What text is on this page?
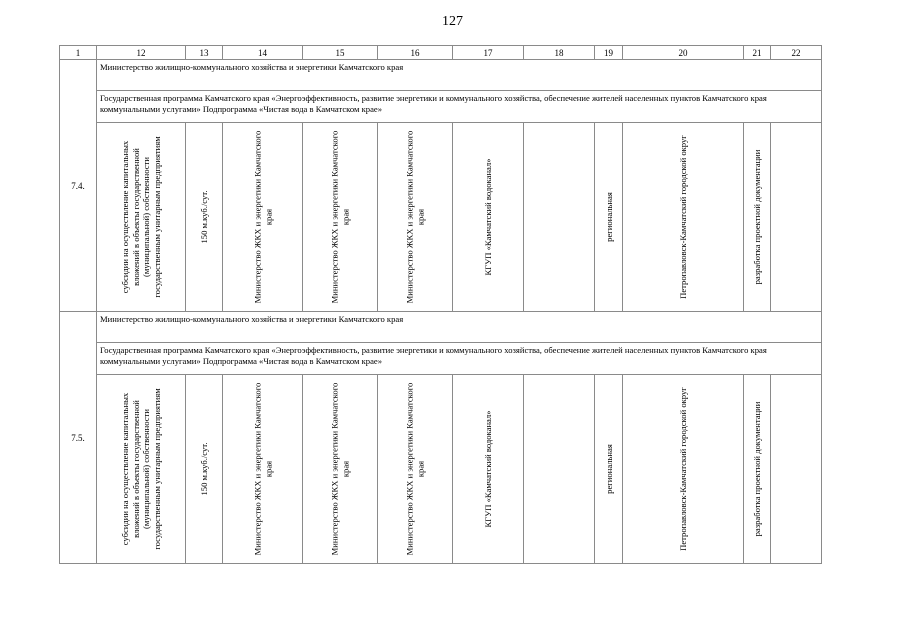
127
1	12	13	14	15	16	17	18	19	20	21	22
7.4.	Министерство жилищно-коммунального хозяйства и энергетики Камчатского края										
	Государственная программа Камчатского края «Энергоэффективность, развитие энергетики и коммунального хозяйства, обеспечение жителей населенных пунктов Камчатского края коммунальными услугами» Подпрограмма «Чистая вода в Камчатском крае»										

	субсидии на осуществление капитальных вложений в объекты государственной (муниципальной) собственности государственным унитарным предприятиям	150 м.куб./сут.	Министерство ЖКХ и энергетики Камчатского края	Министерство ЖКХ и энергетики Камчатского края	Министерство ЖКХ и энергетики Камчатского края	КГУП «Камчатский водоканал»		региональная	Петропавловск-Камчатский городской округ	разработка проектной документации	

7.5.	Министерство жилищно-коммунального хозяйства и энергетики Камчатского края										
	Государственная программа Камчатского края «Энергоэффективность, развитие энергетики и коммунального хозяйства, обеспечение жителей населенных пунктов Камчатского края коммунальными услугами» Подпрограмма «Чистая вода в Камчатском крае»										

	субсидии на осуществление капитальных вложений в объекты государственной (муниципальной) собственности государственным унитарным предприятиям	150 м.куб./сут.	Министерство ЖКХ и энергетики Камчатского края	Министерство ЖКХ и энергетики Камчатского края	Министерство ЖКХ и энергетики Камчатского края	КГУП «Камчатский водоканал»		региональная	Петропавловск-Камчатский городской округ	разработка проектной документации	
